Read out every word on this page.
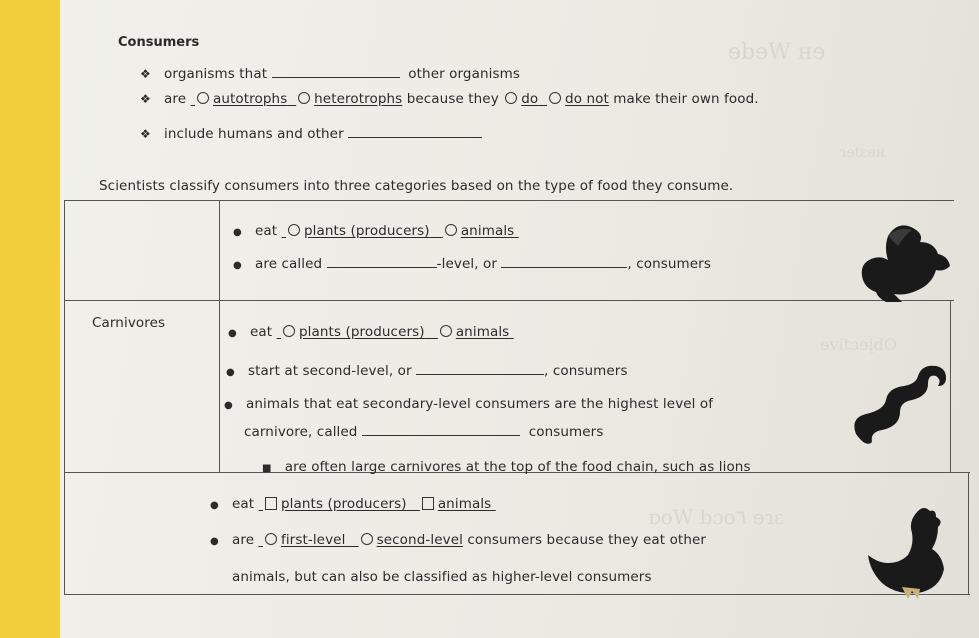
ɘbɘW ʜɘ
ɿɘtɛɘʜ
ɘvitɔɘįdO
ɒoW bɔo٦ ɘɿɛ
Consumers
❖ organisms that	other organisms
❖ are autotrophs heterotrophs because they do do not make their own food.
❖ include humans and other
Scientists classify consumers into three categories based on the type of food they consume.
● eat plants (producers) animals
● are called	-level, or	, consumers
Carnivores
● eat plants (producers) animals
● start at second-level, or	, consumers
● animals that eat secondary-level consumers are the highest level of
carnivore, called	consumers
■ are often large carnivores at the top of the food chain, such as lions
● eat plants (producers) animals
● are first-level second-level consumers because they eat other
animals, but can also be classified as higher-level consumers
